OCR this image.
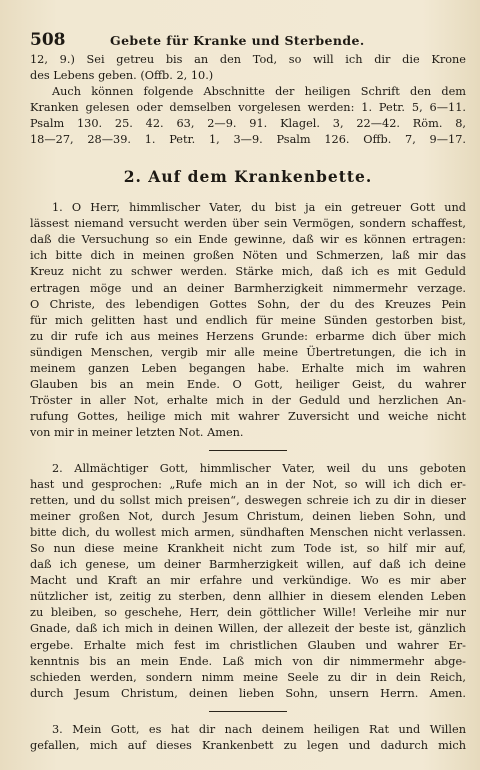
508	Gebete für Kranke und Sterbende.
12, 9.) Sei getreu bis an den Tod, so will ich dir die Krone
des Lebens geben. (Offb. 2, 10.)
Auch können folgende Abschnitte der heiligen Schrift den dem
Kranken gelesen oder demselben vorgelesen werden: 1. Petr. 5, 6—11.
Psalm 130. 25. 42. 63, 2—9. 91. Klagel. 3, 22—42. Röm. 8,
18—27, 28—39. 1. Petr. 1, 3—9. Psalm 126. Offb. 7, 9—17.
2. Auf dem Krankenbette.
1. O Herr, himmlischer Vater, du bist ja ein getreuer Gott und
lässest niemand versucht werden über sein Vermögen, sondern schaffest,
daß die Versuchung so ein Ende gewinne, daß wir es können ertragen:
ich bitte dich in meinen großen Nöten und Schmerzen, laß mir das
Kreuz nicht zu schwer werden. Stärke mich, daß ich es mit Geduld
ertragen möge und an deiner Barmherzigkeit nimmermehr verzage.
O Christe, des lebendigen Gottes Sohn, der du des Kreuzes Pein
für mich gelitten hast und endlich für meine Sünden gestorben bist,
zu dir rufe ich aus meines Herzens Grunde: erbarme dich über mich
sündigen Menschen, vergib mir alle meine Übertretungen, die ich in
meinem ganzen Leben begangen habe. Erhalte mich im wahren
Glauben bis an mein Ende. O Gott, heiliger Geist, du wahrer
Tröster in aller Not, erhalte mich in der Geduld und herzlichen An-
rufung Gottes, heilige mich mit wahrer Zuversicht und weiche nicht
von mir in meiner letzten Not. Amen.
2. Allmächtiger Gott, himmlischer Vater, weil du uns geboten
hast und gesprochen: „Rufe mich an in der Not, so will ich dich er-
retten, und du sollst mich preisen“, deswegen schreie ich zu dir in dieser
meiner großen Not, durch Jesum Christum, deinen lieben Sohn, und
bitte dich, du wollest mich armen, sündhaften Menschen nicht verlassen.
So nun diese meine Krankheit nicht zum Tode ist, so hilf mir auf,
daß ich genese, um deiner Barmherzigkeit willen, auf daß ich deine
Macht und Kraft an mir erfahre und verkündige. Wo es mir aber
nützlicher ist, zeitig zu sterben, denn allhier in diesem elenden Leben
zu bleiben, so geschehe, Herr, dein göttlicher Wille! Verleihe mir nur
Gnade, daß ich mich in deinen Willen, der allezeit der beste ist, gänzlich
ergebe. Erhalte mich fest im christlichen Glauben und wahrer Er-
kenntnis bis an mein Ende. Laß mich von dir nimmermehr abge-
schieden werden, sondern nimm meine Seele zu dir in dein Reich,
durch Jesum Christum, deinen lieben Sohn, unsern Herrn. Amen.
3. Mein Gott, es hat dir nach deinem heiligen Rat und Willen
gefallen, mich auf dieses Krankenbett zu legen und dadurch mich
